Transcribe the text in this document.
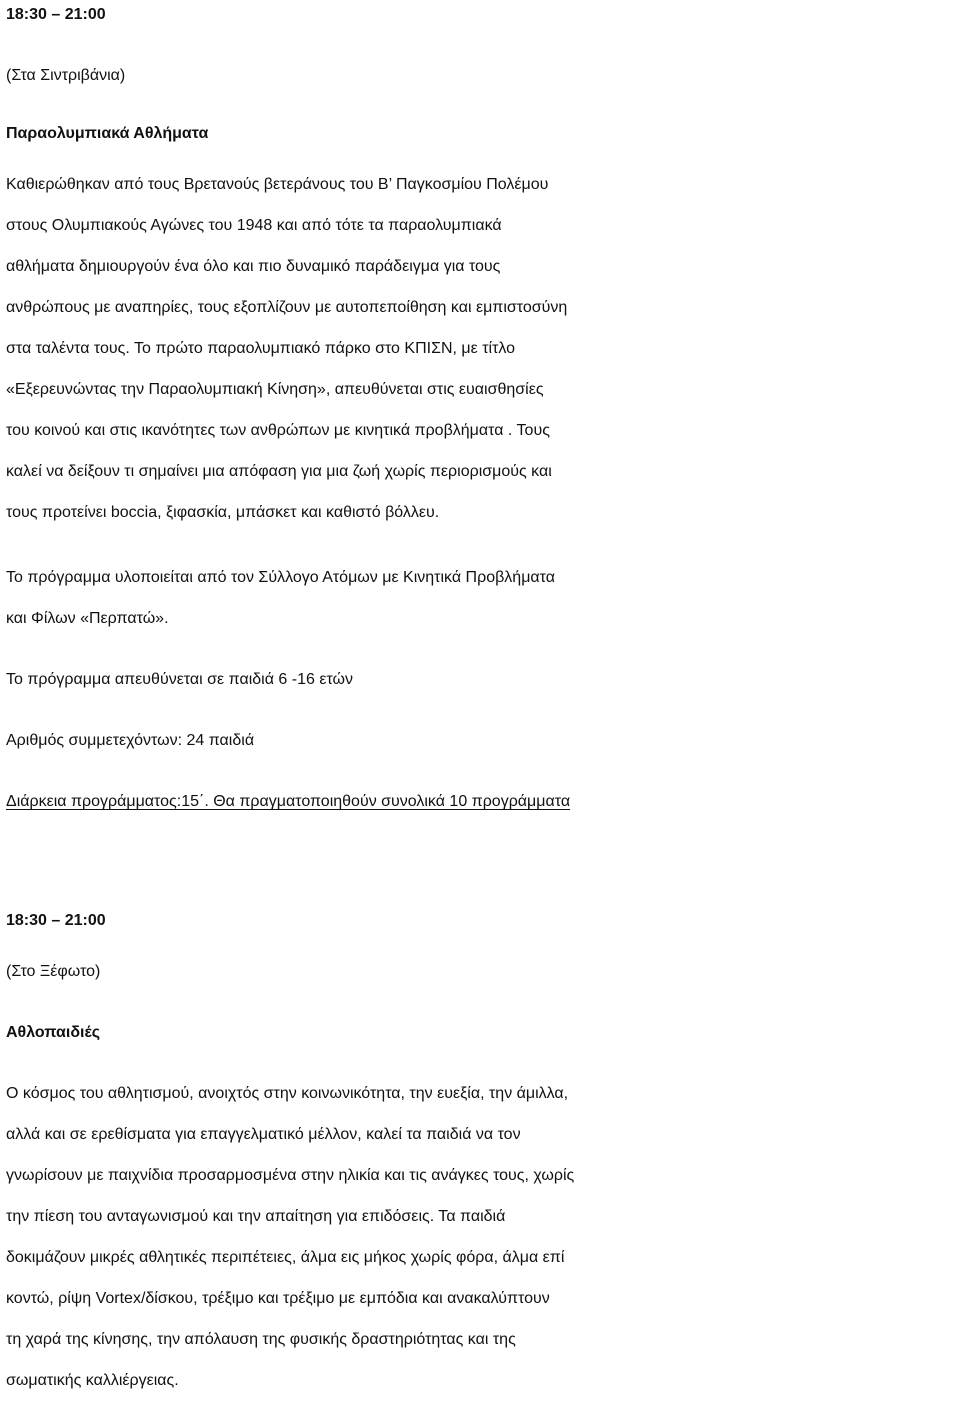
18:30 – 21:00

(Στα Σιντριβάνια)

Παραολυμπιακά Αθλήματα

Καθιερώθηκαν από τους Βρετανούς βετεράνους του Β’ Παγκοσμίου Πολέμου

στους Ολυμπιακούς Αγώνες του 1948 και από τότε τα παραολυμπιακά

αθλήματα δημιουργούν ένα όλο και πιο δυναμικό παράδειγμα για τους

ανθρώπους με αναπηρίες, τους εξοπλίζουν με αυτοπεποίθηση και εμπιστοσύνη

στα ταλέντα τους. Το πρώτο παραολυμπιακό πάρκο στο ΚΠΙΣΝ, με τίτλο

«Εξερευνώντας την Παραολυμπιακή Κίνηση», απευθύνεται στις ευαισθησίες

του κοινού και στις ικανότητες των ανθρώπων με κινητικά προβλήματα . Τους

καλεί να δείξουν τι σημαίνει μια απόφαση για μια ζωή χωρίς περιορισμούς και

τους προτείνει boccia, ξιφασκία, μπάσκετ και καθιστό βόλλευ.

Το πρόγραμμα υλοποιείται από τον Σύλλογο Ατόμων με Κινητικά Προβλήματα

και Φίλων «Περπατώ».

Το πρόγραμμα απευθύνεται σε παιδιά 6 -16 ετών

Αριθμός συμμετεχόντων: 24 παιδιά

Διάρκεια προγράμματος:15΄. Θα πραγματοποιηθούν συνολικά 10 προγράμματα

18:30 – 21:00

(Στο Ξέφωτο)

Αθλοπαιδιές

Ο κόσμος του αθλητισμού, ανοιχτός στην κοινωνικότητα, την ευεξία, την άμιλλα,

αλλά και σε ερεθίσματα για επαγγελματικό μέλλον, καλεί τα παιδιά να τον

γνωρίσουν με παιχνίδια προσαρμοσμένα στην ηλικία και τις ανάγκες τους, χωρίς

την πίεση του ανταγωνισμού και την απαίτηση για επιδόσεις. Τα παιδιά

δοκιμάζουν μικρές αθλητικές περιπέτειες, άλμα εις μήκος χωρίς φόρα, άλμα επί

κοντώ, ρίψη Vortex/δίσκου, τρέξιμο και τρέξιμο με εμπόδια και ανακαλύπτουν

τη χαρά της κίνησης, την απόλαυση της φυσικής δραστηριότητας και της

σωματικής καλλιέργειας.
